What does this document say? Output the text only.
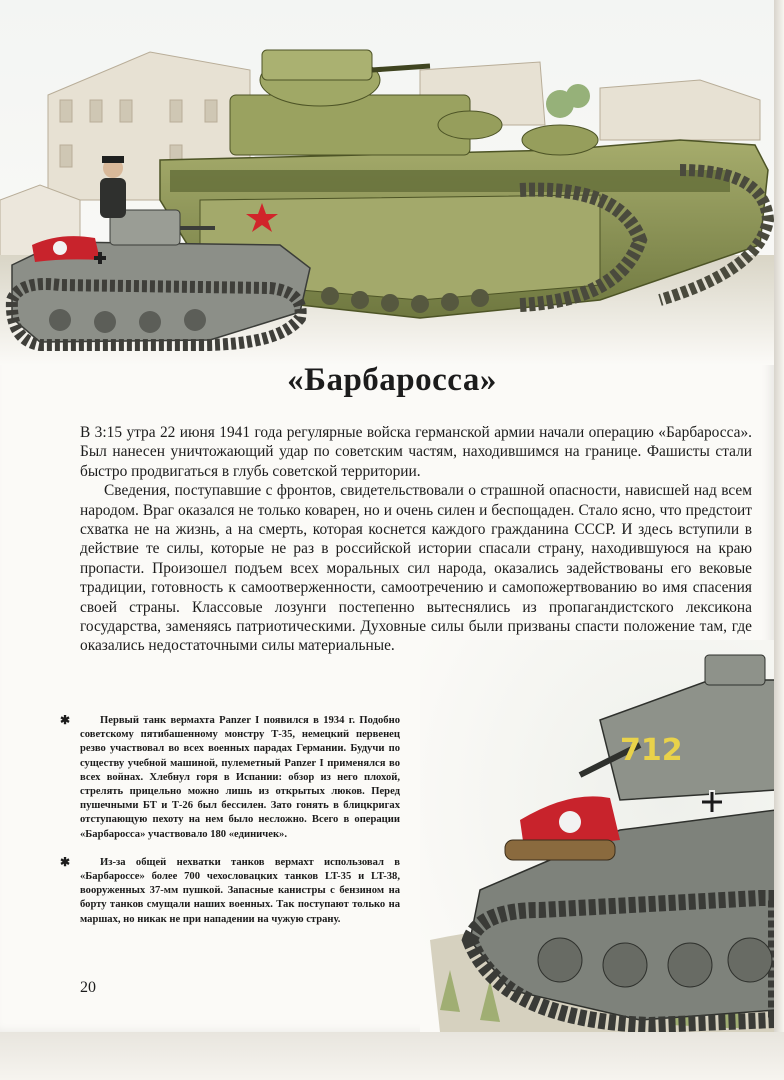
712
«Барбаросса»

В 3:15 утра 22 июня 1941 года регулярные войска германской армии начали операцию «Барбаросса». Был нанесен уничтожающий удар по советским частям, находившимся на границе. Фашисты стали быстро продвигаться в глубь советской территории.

Сведения, поступавшие с фронтов, свидетельствовали о страшной опасности, нависшей над всем народом. Враг оказался не только коварен, но и очень силен и беспощаден. Стало ясно, что предстоит схватка не на жизнь, а на смерть, которая коснется каждого гражданина СССР. И здесь вступили в действие те силы, которые не раз в российской истории спасали страну, находившуюся на краю пропасти. Произошел подъем всех моральных сил народа, оказались задействованы его вековые традиции, готовность к самоотверженности, самоотречению и самопожертвованию во имя спасения своей страны. Классовые лозунги постепенно вытеснялись из пропагандистского лексикона государства, заменяясь патриотическими. Духовные силы были призваны спасти положение там, где оказались недостаточными силы материальные.

✱	Первый танк вермахта Panzer I появился в 1934 г. Подобно советскому пятибашенному монстру Т-35, немецкий первенец резво участвовал во всех военных парадах Германии. Будучи по существу учебной машиной, пулеметный Panzer I применялся во всех войнах. Хлебнул горя в Испании: обзор из него плохой, стрелять прицельно можно лишь из открытых люков. Перед пушечными БТ и Т-26 был бессилен. Зато гонять в блицкригах отступающую пехоту на нем было несложно. Всего в операции «Барбаросса» участвовало 180 «единичек».

✱	Из-за общей нехватки танков вермахт использовал в «Барбароссе» более 700 чехословацких танков LT-35 и LT-38, вооруженных 37-мм пушкой. Запасные канистры с бензином на борту танков смущали наших военных. Так поступают только на маршах, но никак не при нападении на чужую страну.

20
